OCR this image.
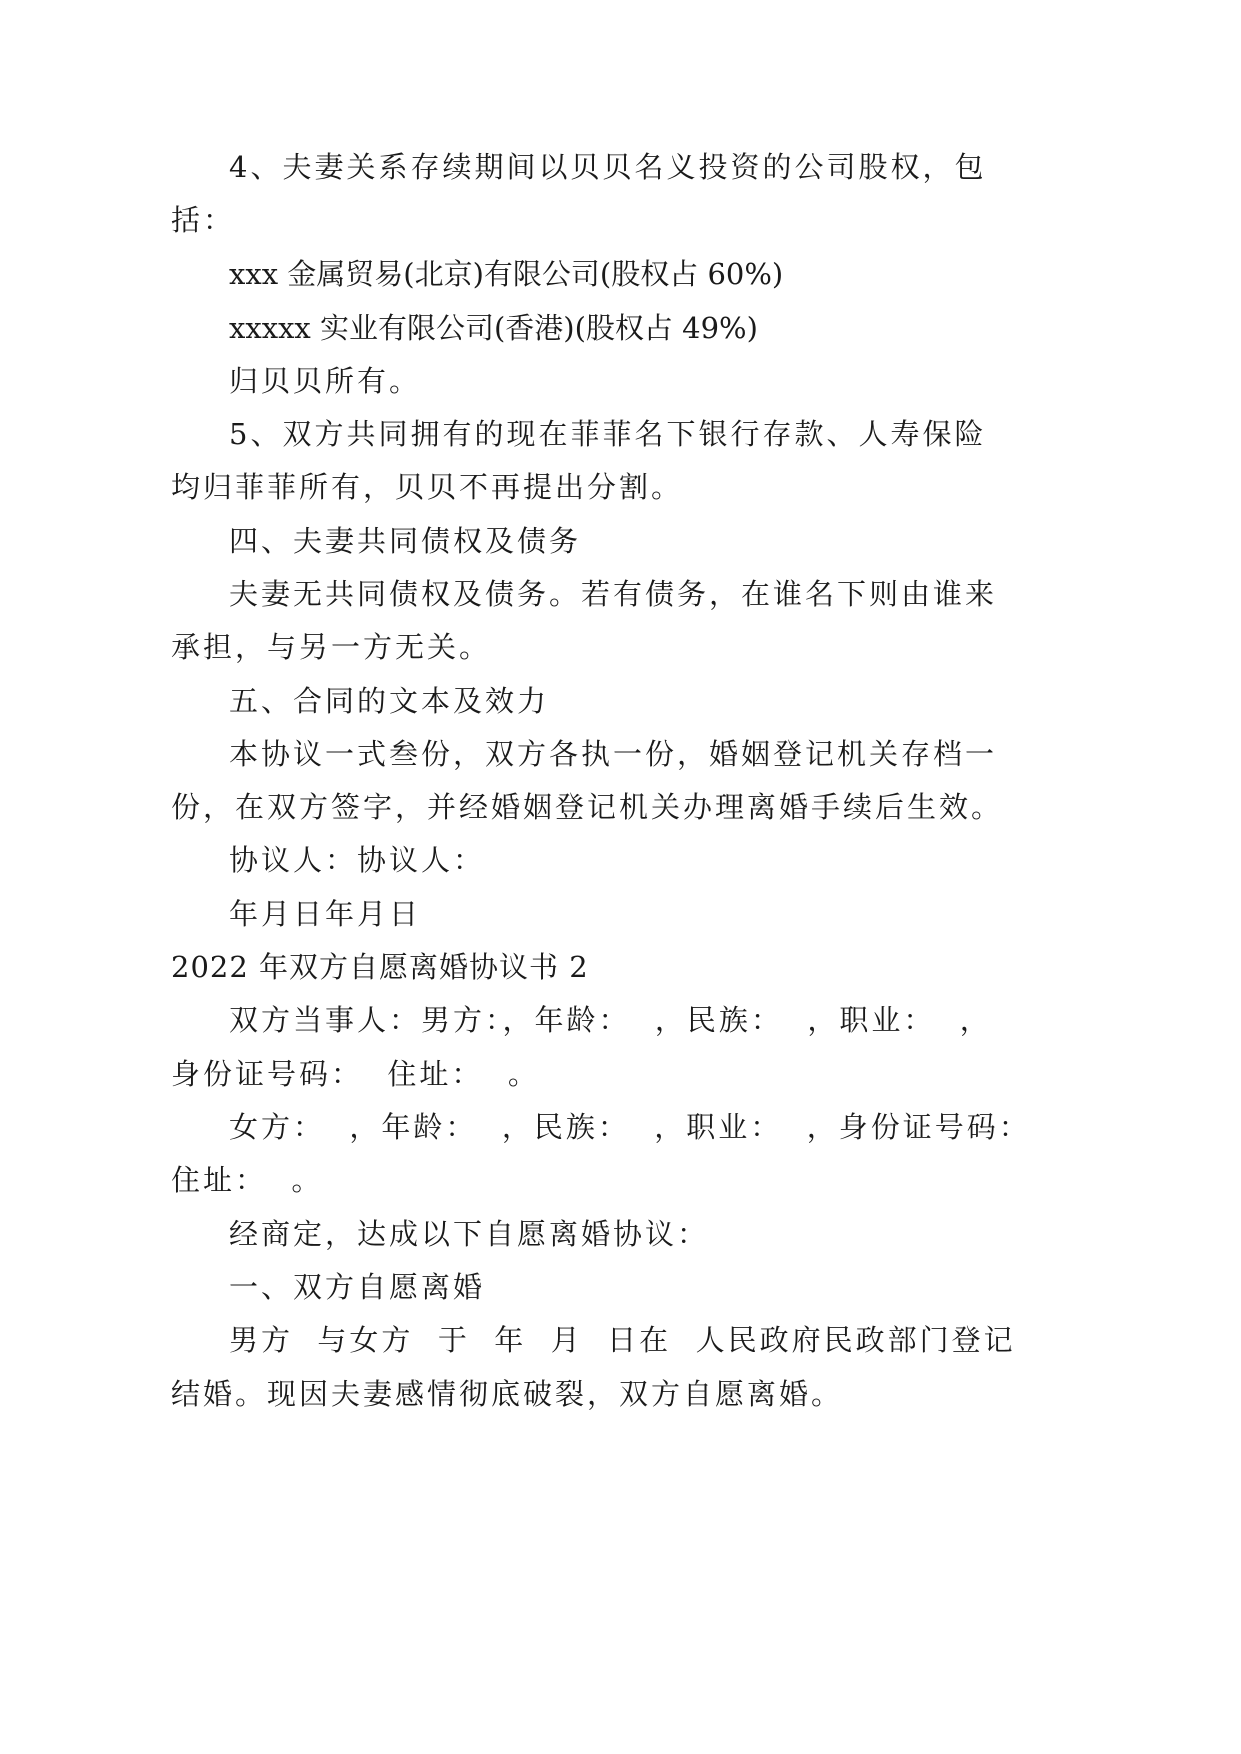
4、夫妻关系存续期间以贝贝名义投资的公司股权，包
括：
xxx 金属贸易(北京)有限公司(股权占 60%)
xxxxx 实业有限公司(香港)(股权占 49%)
归贝贝所有。
5、双方共同拥有的现在菲菲名下银行存款、人寿保险
均归菲菲所有，贝贝不再提出分割。
四、夫妻共同债权及债务
夫妻无共同债权及债务。若有债务，在谁名下则由谁来
承担，与另一方无关。
五、合同的文本及效力
本协议一式叁份，双方各执一份，婚姻登记机关存档一
份，在双方签字，并经婚姻登记机关办理离婚手续后生效。
协议人：协议人：
年月日年月日
2022 年双方自愿离婚协议书 2
双方当事人：男方：，年龄：  ，民族：  ，职业：  ，
身份证号码：  住址：  。
女方：  ，年龄：  ，民族：  ，职业：  ，身份证号码：
住址：  。
经商定，达成以下自愿离婚协议：
一、双方自愿离婚
男方  与女方  于  年  月  日在  人民政府民政部门登记
结婚。现因夫妻感情彻底破裂，双方自愿离婚。
